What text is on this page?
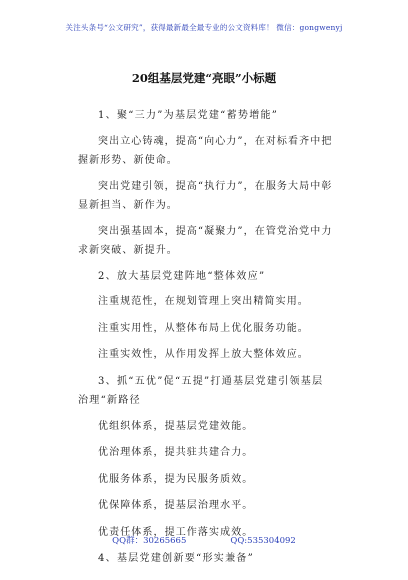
关注头条号“公文研究”，获得最新最全最专业的公文资料库！ 微信：gongwenyj
20组基层党建“亮眼”小标题

1、聚“三力”为基层党建“蓄势增能”

突出立心铸魂，提高“向心力”，在对标看齐中把握新形势、新使命。

突出党建引领，提高“执行力”，在服务大局中彰显新担当、新作为。

突出强基固本，提高“凝聚力”，在管党治党中力求新突破、新提升。

2、放大基层党建阵地“整体效应”

注重规范性，在规划管理上突出精简实用。

注重实用性，从整体布局上优化服务功能。

注重实效性，从作用发挥上放大整体效应。

3、抓“五优”促“五提”打通基层党建引领基层治理“新路径

优组织体系，提基层党建效能。

优治理体系，提共驻共建合力。

优服务体系，提为民服务质效。

优保障体系，提基层治理水平。

优责任体系，提工作落实成效。

4、基层党建创新要“形实兼备”

QQ群：30265665	QQ:535304092
